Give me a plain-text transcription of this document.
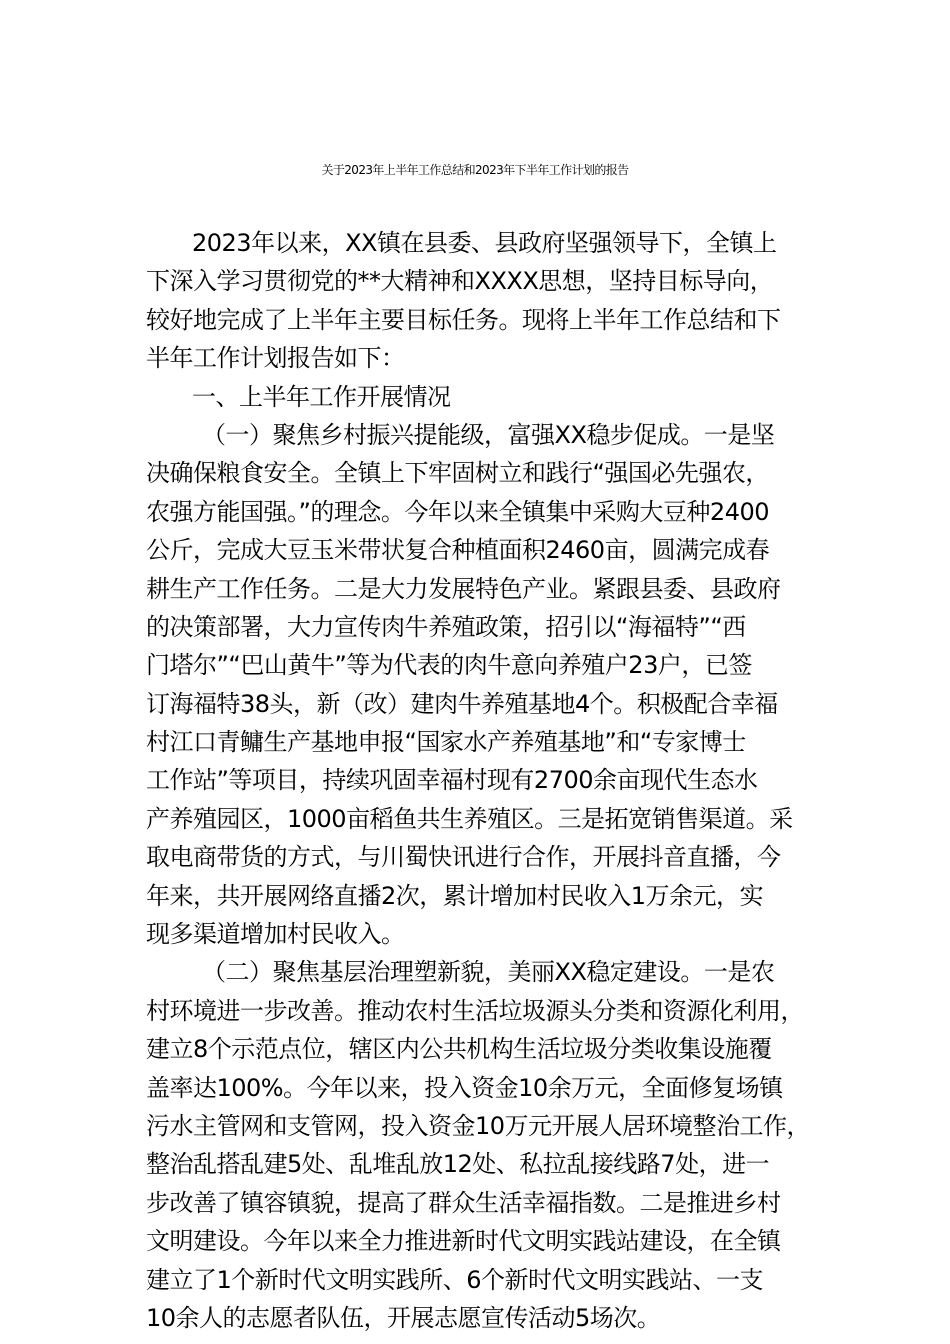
关于2023年上半年工作总结和2023年下半年工作计划的报告
2023年以来，XX镇在县委、县政府坚强领导下，全镇上
下深入学习贯彻党的**大精神和XXXX思想，坚持目标导向，
较好地完成了上半年主要目标任务。现将上半年工作总结和下
半年工作计划报告如下：
一、上半年工作开展情况
（一）聚焦乡村振兴提能级，富强XX稳步促成。一是坚
决确保粮食安全。全镇上下牢固树立和践行“强国必先强农，
农强方能国强。”的理念。今年以来全镇集中采购大豆种2400
公斤，完成大豆玉米带状复合种植面积2460亩，圆满完成春
耕生产工作任务。二是大力发展特色产业。紧跟县委、县政府
的决策部署，大力宣传肉牛养殖政策，招引以“海福特”“西
门塔尔”“巴山黄牛”等为代表的肉牛意向养殖户23户，已签
订海福特38头，新（改）建肉牛养殖基地4个。积极配合幸福
村江口青鳙生产基地申报“国家水产养殖基地”和“专家博士
工作站”等项目，持续巩固幸福村现有2700余亩现代生态水
产养殖园区，1000亩稻鱼共生养殖区。三是拓宽销售渠道。采
取电商带货的方式，与川蜀快讯进行合作，开展抖音直播，今
年来，共开展网络直播2次，累计增加村民收入1万余元，实
现多渠道增加村民收入。
（二）聚焦基层治理塑新貌，美丽XX稳定建设。一是农
村环境进一步改善。推动农村生活垃圾源头分类和资源化利用，
建立8个示范点位，辖区内公共机构生活垃圾分类收集设施覆
盖率达100%。今年以来，投入资金10余万元，全面修复场镇
污水主管网和支管网，投入资金10万元开展人居环境整治工作，
整治乱搭乱建5处、乱堆乱放12处、私拉乱接线路7处，进一
步改善了镇容镇貌，提高了群众生活幸福指数。二是推进乡村
文明建设。今年以来全力推进新时代文明实践站建设，在全镇
建立了1个新时代文明实践所、6个新时代文明实践站、一支
10余人的志愿者队伍，开展志愿宣传活动5场次。
